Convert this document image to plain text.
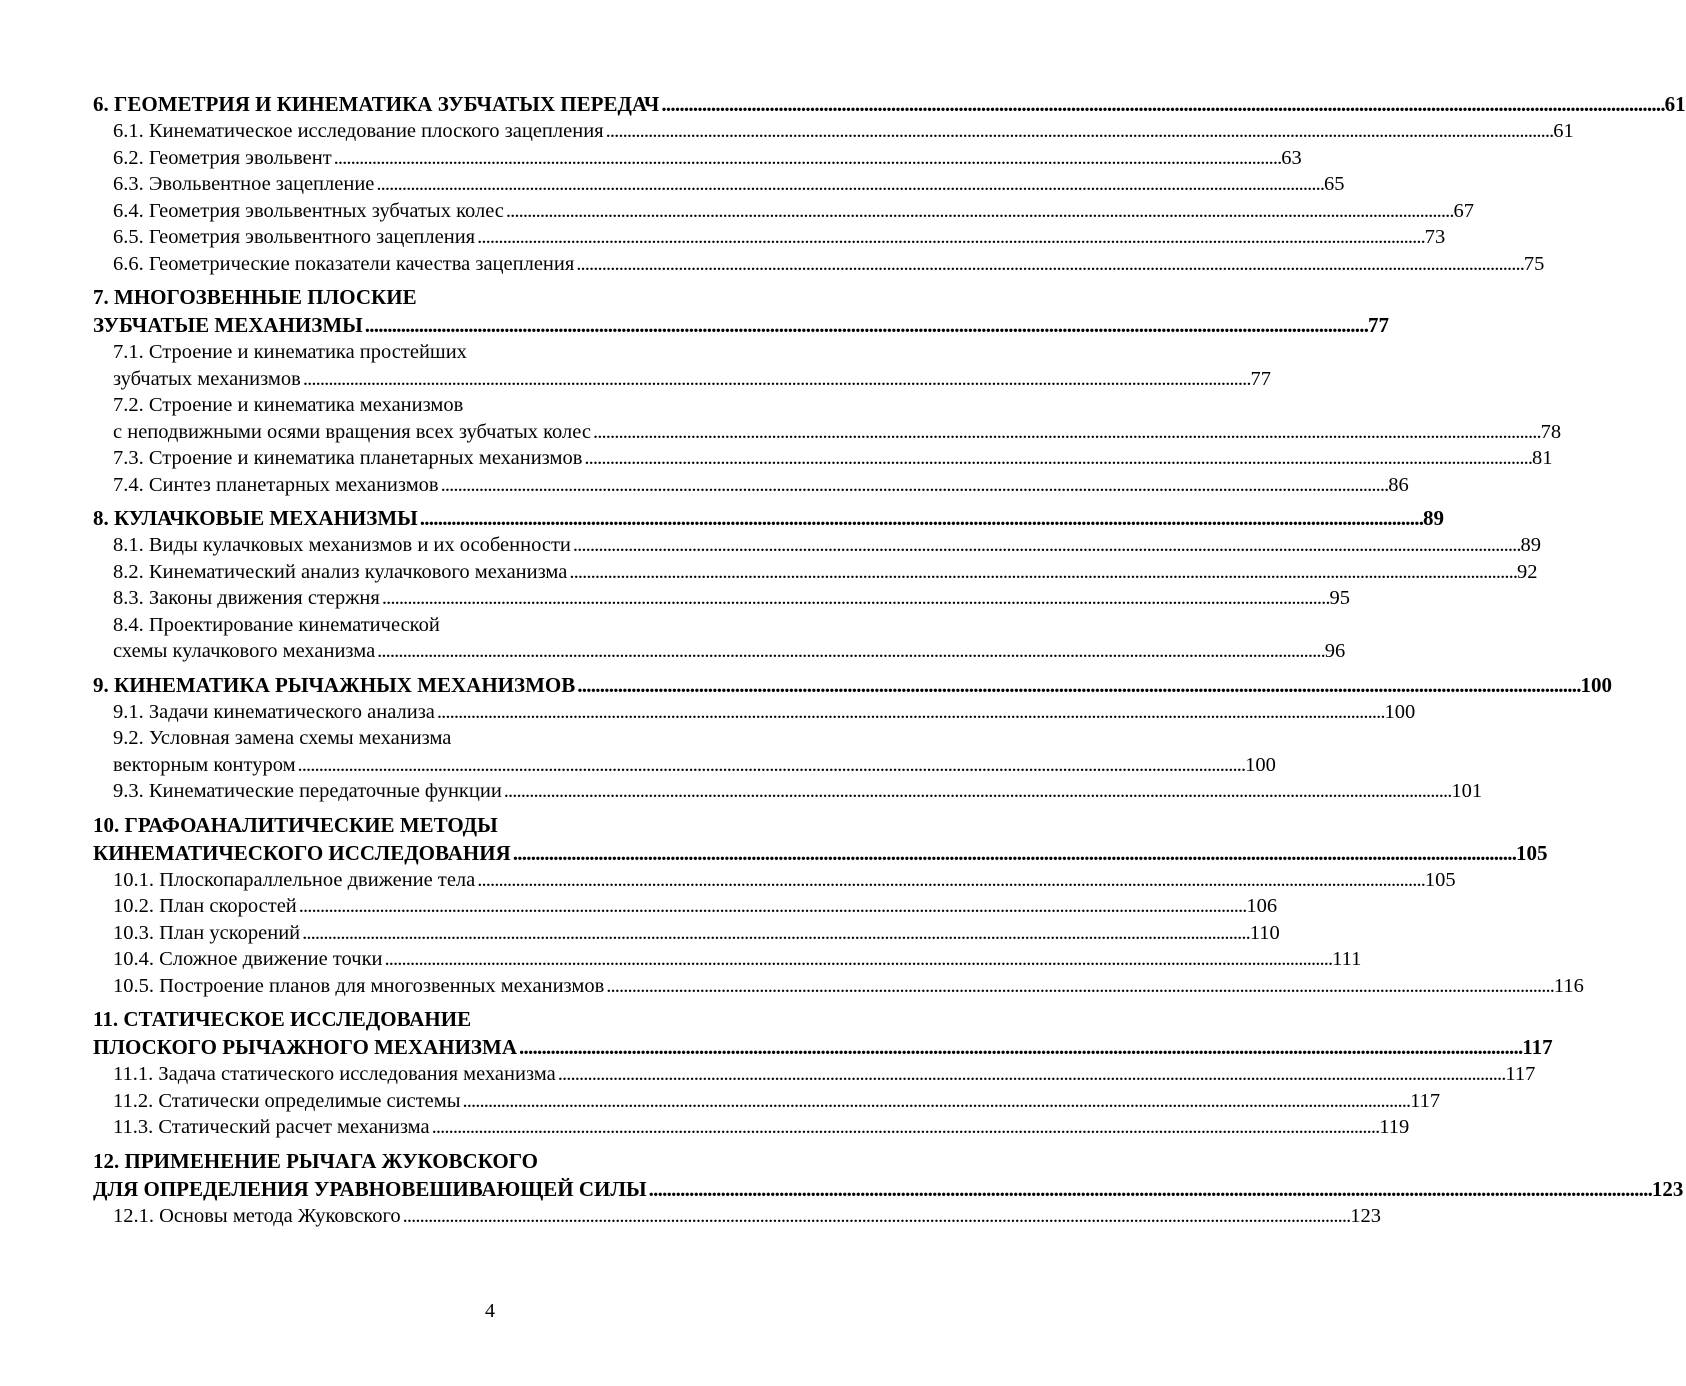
6. ГЕОМЕТРИЯ И КИНЕМАТИКА ЗУБЧАТЫХ ПЕРЕДАЧ . . .	61
6.1. Кинематическое исследование плоского зацепления . . .	61
6.2. Геометрия эвольвент . . .	63
6.3. Эвольвентное зацепление . . .	65
6.4. Геометрия эвольвентных зубчатых колес . . .	67
6.5. Геометрия эвольвентного зацепления . . .	73
6.6. Геометрические показатели качества зацепления . . .	75
7. МНОГОЗВЕННЫЕ ПЛОСКИЕ
ЗУБЧАТЫЕ МЕХАНИЗМЫ . . .	77
7.1. Строение и кинематика простейших
зубчатых механизмов . . .	77
7.2. Строение и кинематика механизмов
с неподвижными осями вращения всех зубчатых колес . . .	78
7.3. Строение и кинематика планетарных механизмов . . .	81
7.4. Синтез планетарных механизмов . . .	86
8. КУЛАЧКОВЫЕ МЕХАНИЗМЫ . . .	89
8.1. Виды кулачковых механизмов и их особенности . . .	89
8.2. Кинематический анализ кулачкового механизма . . .	92
8.3. Законы движения стержня . . .	95
8.4. Проектирование кинематической
схемы кулачкового механизма . . .	96
9. КИНЕМАТИКА РЫЧАЖНЫХ МЕХАНИЗМОВ . . .	100
9.1. Задачи кинематического анализа . . .	100
9.2. Условная замена схемы механизма
векторным контуром . . .	100
9.3. Кинематические передаточные функции . . .	101
10. ГРАФОАНАЛИТИЧЕСКИЕ МЕТОДЫ
КИНЕМАТИЧЕСКОГО ИССЛЕДОВАНИЯ . . .	105
10.1. Плоскопараллельное движение тела . . .	105
10.2. План скоростей . . .	106
10.3. План ускорений . . .	110
10.4. Сложное движение точки . . .	111
10.5. Построение планов для многозвенных механизмов . . .	116
11. СТАТИЧЕСКОЕ ИССЛЕДОВАНИЕ
ПЛОСКОГО РЫЧАЖНОГО МЕХАНИЗМА . . .	117
11.1. Задача статического исследования механизма . . .	117
11.2. Статически определимые системы . . .	117
11.3. Статический расчет механизма . . .	119
12. ПРИМЕНЕНИЕ РЫЧАГА ЖУКОВСКОГО
ДЛЯ ОПРЕДЕЛЕНИЯ УРАВНОВЕШИВАЮЩЕЙ СИЛЫ . . .	123
12.1. Основы метода Жуковского . . .	123
4
